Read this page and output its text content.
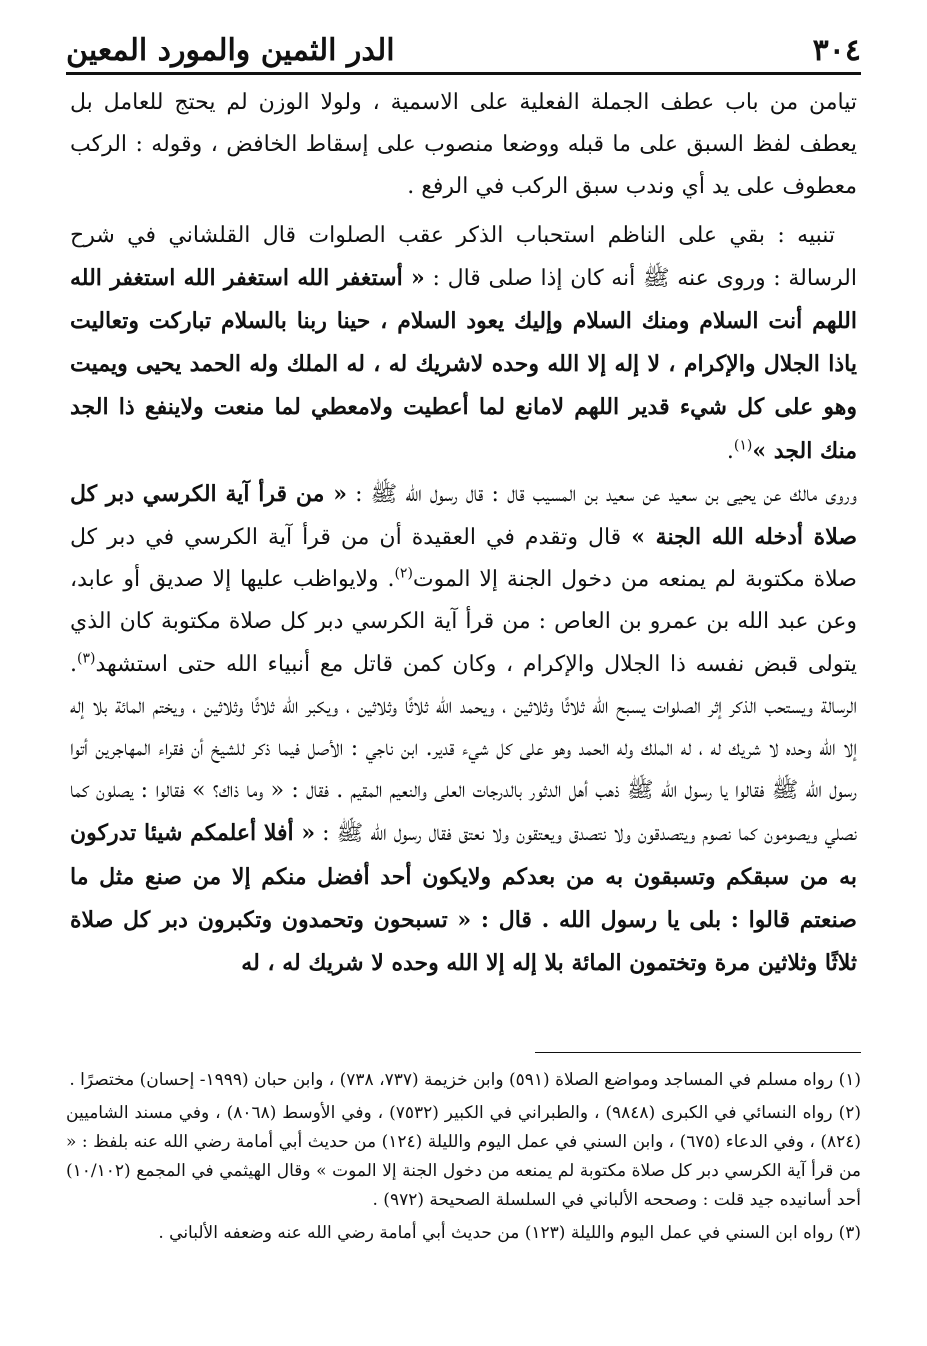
٣٠٤
الدر الثمين والمورد المعين

تيامن من باب عطف الجملة الفعلية على الاسمية ، ولولا الوزن لم يحتج للعامل بل يعطف لفظ السبق على ما قبله ووضعا منصوب على إسقاط الخافض ، وقوله : الركب معطوف على يد أي وندب سبق الركب في الرفع .

تنبيه : بقي على الناظم استحباب الذكر عقب الصلوات قال القلشاني في شرح الرسالة : وروى عنه ﷺ أنه كان إذا صلى قال : « أستغفر الله استغفر الله استغفر الله اللهم أنت السلام ومنك السلام وإليك يعود السلام ، حينا ربنا بالسلام تباركت وتعاليت ياذا الجلال والإكرام ، لا إله إلا الله وحده لاشريك له ، له الملك وله الحمد يحيى ويميت وهو على كل شيء قدير اللهم لامانع لما أعطيت ولامعطي لما منعت ولاينفع ذا الجد منك الجد »$^{(١)}$.

وروى مالك عن يحيى بن سعيد عن سعيد بن المسيب قال : قال رسول الله ﷺ : « من قرأ آية الكرسي دبر كل صلاة أدخله الله الجنة » قال وتقدم في العقيدة أن من قرأ آية الكرسي في دبر كل صلاة مكتوبة لم يمنعه من دخول الجنة إلا الموت$^{(٢)}$. ولايواظب عليها إلا صديق أو عابد، وعن عبد الله بن عمرو بن العاص : من قرأ آية الكرسي دبر كل صلاة مكتوبة كان الذي يتولى قبض نفسه ذا الجلال والإكرام ، وكان كمن قاتل مع أنبياء الله حتى استشهد$^{(٣)}$. الرسالة ويستحب الذكر إثر الصلوات يسبح الله ثلاثًا وثلاثين ، ويحمد الله ثلاثًا وثلاثين ، ويكبر الله ثلاثًا وثلاثين ، ويختم المائة بلا إله إلا الله وحده لا شريك له ، له الملك وله الحمد وهو على كل شيء قدير. ابن ناجي : الأصل فيما ذكر للشيخ أن فقراء المهاجرين أتوا رسول الله ﷺ فقالوا يا رسول الله ﷺ ذهب أهل الدثور بالدرجات العلى والنعيم المقيم . فقال : « وما ذاك؟ » فقالوا : يصلون كما نصلي ويصومون كما نصوم ويتصدقون ولا نتصدق ويعتقون ولا نعتق فقال رسول الله ﷺ : « أفلا أعلمكم شيئا تدركون به من سبقكم وتسبقون به من بعدكم ولايكون أحد أفضل منكم إلا من صنع مثل ما صنعتم قالوا : بلى يا رسول الله . قال : « تسبحون وتحمدون وتكبرون دبر كل صلاة ثلاثًا وثلاثين مرة وتختمون المائة بلا إله إلا الله وحده لا شريك له ، له

(١) رواه مسلم في المساجد ومواضع الصلاة (٥٩١) وابن خزيمة (٧٣٧، ٧٣٨) ، وابن حبان (١٩٩٩- إحسان) مختصرًا .

(٢) رواه النسائي في الكبرى (٩٨٤٨) ، والطبراني في الكبير (٧٥٣٢) ، وفي الأوسط (٨٠٦٨) ، وفي مسند الشاميين (٨٢٤) ، وفي الدعاء (٦٧٥) ، وابن السني في عمل اليوم والليلة (١٢٤) من حديث أبي أمامة رضي الله عنه بلفظ : « من قرأ آية الكرسي دبر كل صلاة مكتوبة لم يمنعه من دخول الجنة إلا الموت » وقال الهيثمي في المجمع (١٠/١٠٢) أحد أسانيده جيد قلت : وصححه الألباني في السلسلة الصحيحة (٩٧٢) .

(٣) رواه ابن السني في عمل اليوم والليلة (١٢٣) من حديث أبي أمامة رضي الله عنه وضعفه الألباني .
